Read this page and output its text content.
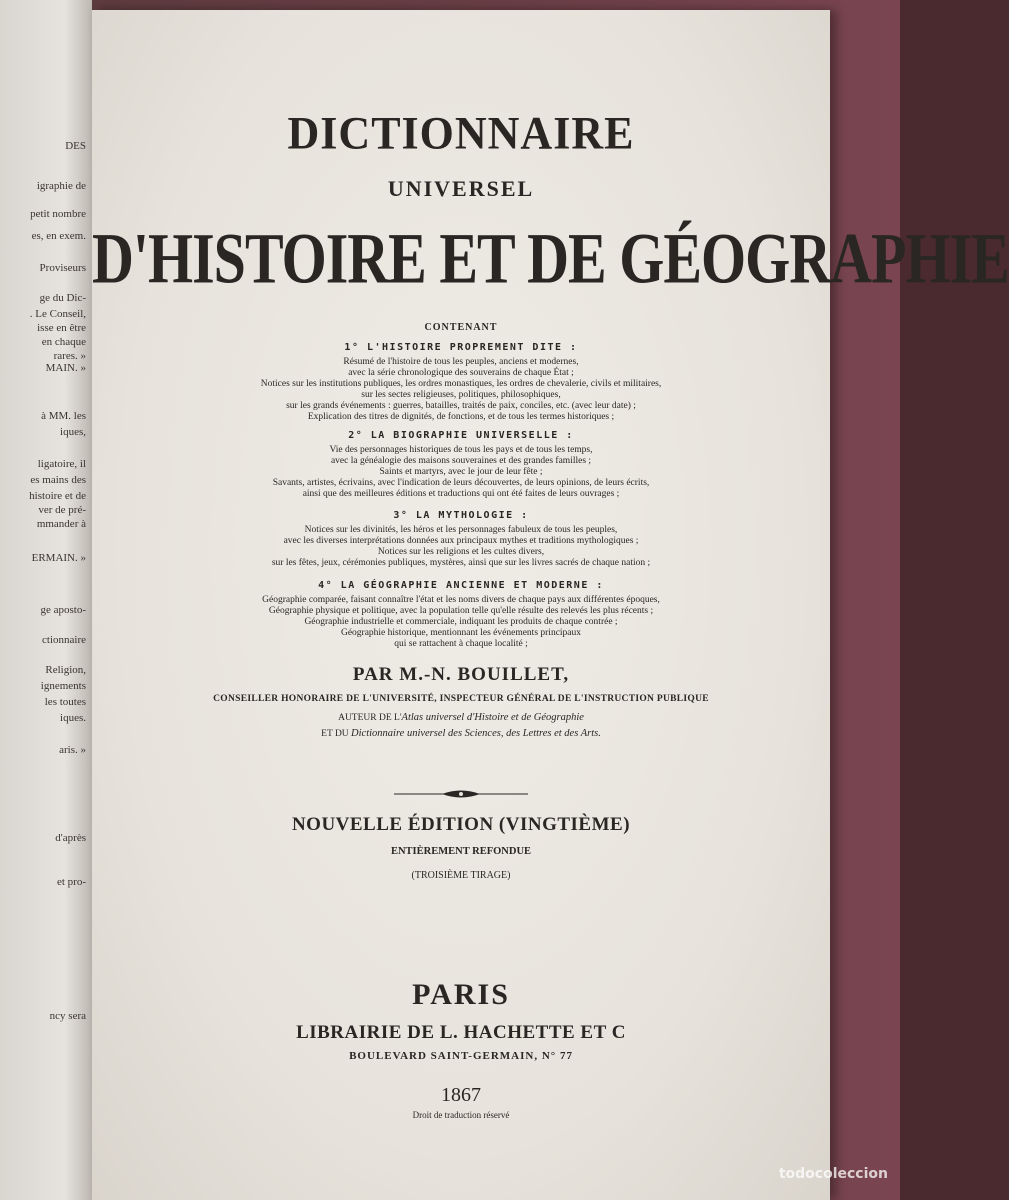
DES
igraphie de
petit nombre
es, en exem.
Proviseurs
ge du Dic-
. Le Conseil,
isse en être
en chaque
rares. »
MAIN. »
à MM. les
iques,
ligatoire, il
es mains des
histoire et de
ver de pré-
mmander à
ERMAIN. »
ge aposto-
ctionnaire
Religion,
ignements
les toutes
iques.
aris. »
d'après
et pro-
ncy sera
DICTIONNAIRE
UNIVERSEL
D'HISTOIRE ET DE GÉOGRAPHIE
CONTENANT
1° L'HISTOIRE PROPREMENT DITE :
Résumé de l'histoire de tous les peuples, anciens et modernes,
avec la série chronologique des souverains de chaque État ;
Notices sur les institutions publiques, les ordres monastiques, les ordres de chevalerie, civils et militaires,
sur les sectes religieuses, politiques, philosophiques,
sur les grands événements : guerres, batailles, traités de paix, conciles, etc. (avec leur date) ;
Explication des titres de dignités, de fonctions, et de tous les termes historiques ;
2° LA BIOGRAPHIE UNIVERSELLE :
Vie des personnages historiques de tous les pays et de tous les temps,
avec la généalogie des maisons souveraines et des grandes familles ;
Saints et martyrs, avec le jour de leur fête ;
Savants, artistes, écrivains, avec l'indication de leurs découvertes, de leurs opinions, de leurs écrits,
ainsi que des meilleures éditions et traductions qui ont été faites de leurs ouvrages ;
3° LA MYTHOLOGIE :
Notices sur les divinités, les héros et les personnages fabuleux de tous les peuples,
avec les diverses interprétations données aux principaux mythes et traditions mythologiques ;
Notices sur les religions et les cultes divers,
sur les fêtes, jeux, cérémonies publiques, mystères, ainsi que sur les livres sacrés de chaque nation ;
4° LA GÉOGRAPHIE ANCIENNE ET MODERNE :
Géographie comparée, faisant connaître l'état et les noms divers de chaque pays aux différentes époques,
Géographie physique et politique, avec la population telle qu'elle résulte des relevés les plus récents ;
Géographie industrielle et commerciale, indiquant les produits de chaque contrée ;
Géographie historique, mentionnant les événements principaux
qui se rattachent à chaque localité ;
PAR M.-N. BOUILLET,
CONSEILLER HONORAIRE DE L'UNIVERSITÉ, INSPECTEUR GÉNÉRAL DE L'INSTRUCTION PUBLIQUE
AUTEUR DE L'Atlas universel d'Histoire et de Géographie
ET DU Dictionnaire universel des Sciences, des Lettres et des Arts.
NOUVELLE ÉDITION (VINGTIÈME)
ENTIÈREMENT REFONDUE
(TROISIÈME TIRAGE)
PARIS
LIBRAIRIE DE L. HACHETTE ET C
BOULEVARD SAINT-GERMAIN, N° 77
1867
Droit de traduction réservé
todocoleccion
